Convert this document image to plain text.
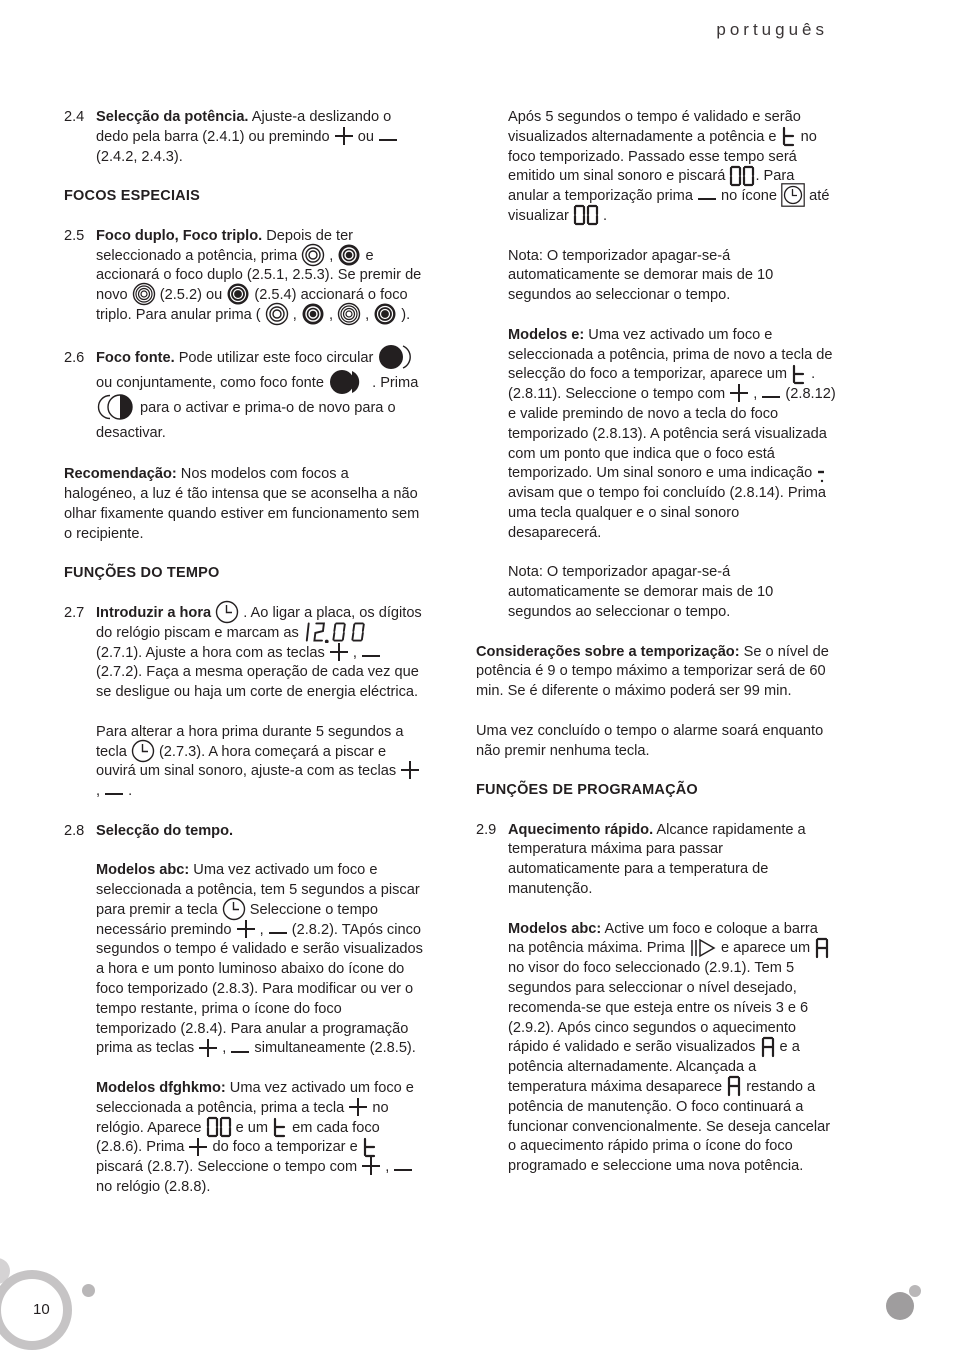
português

2.4 Selecção da potência. Ajuste-a deslizando o dedo pela barra (2.4.1) ou premindo
ou
(2.4.2, 2.4.3).

FOCOS ESPECIAIS

2.5 Foco duplo, Foco triplo. Depois de ter seleccionado a potência, prima
,
e accionará o foco duplo (2.5.1, 2.5.3). Se premir de novo
(2.5.2) ou
(2.5.4) accionará o foco triplo. Para anular prima (
,
,
,
).

2.6 Foco fonte. Pode utilizar este foco circular
ou conjuntamente, como foco fonte	. Prima
para o activar e prima-o de novo para o desactivar.

Recomendação: Nos modelos com focos a halogéneo, a luz é tão intensa que se aconselha a não olhar fixamente quando estiver em funcionamento sem o recipiente.

FUNÇÕES DO TEMPO

2.7 Introduzir a hora
. Ao ligar a placa, os dígitos do relógio piscam e marcam as
(2.7.1). Ajuste a hora com as teclas
,
(2.7.2). Faça a mesma operação de cada vez que se desligue ou haja um corte de energia eléctrica.

Para alterar a hora prima durante 5 segundos a tecla
(2.7.3). A hora começará a piscar e ouvirá um sinal sonoro, ajuste-a com as teclas
,
.

2.8 Selecção do tempo.

Modelos abc: Uma vez activado um foco e seleccionada a potência, tem 5 segundos a piscar para premir a tecla
Seleccione o tempo necessário premindo
,
(2.8.2). TApós cinco segundos o tempo é validado e serão visualizados a hora e um ponto luminoso abaixo do ícone do foco temporizado (2.8.3). Para modificar ou ver o tempo restante, prima o ícone do foco temporizado (2.8.4). Para anular a programação prima as teclas
,
simultaneamente (2.8.5).

Modelos dfghkmo: Uma vez activado um foco e seleccionada a potência, prima a tecla
no relógio. Aparece
e um
em cada foco (2.8.6). Prima
do foco a temporizar e
piscará (2.8.7). Seleccione o tempo com
,
no relógio (2.8.8).

Após 5 segundos o tempo é validado e serão visualizados alternadamente a potência e
no foco temporizado. Passado esse tempo será emitido um sinal sonoro e piscará
. Para anular a temporização prima
no ícone
até visualizar
.

Nota: O temporizador apagar-se-á automaticamente se demorar mais de 10 segundos ao seleccionar o tempo.

Modelos e: Uma vez activado um foco e seleccionada a potência, prima de novo a tecla de selecção do foco a temporizar, aparece um
. (2.8.11). Seleccione o tempo com
,
(2.8.12) e valide premindo de novo a tecla do foco temporizado (2.8.13). A potência será visualizada com um ponto que indica que o foco está temporizado. Um sinal sonoro e uma indicação
avisam que o tempo foi concluído (2.8.14). Prima uma tecla qualquer e o sinal sonoro desaparecerá.

Nota: O temporizador apagar-se-á automaticamente se demorar mais de 10 segundos ao seleccionar o tempo.

Considerações sobre a temporização: Se o nível de potência é 9 o tempo máximo a temporizar será de 60 min. Se é diferente o máximo poderá ser 99 min.

Uma vez concluído o tempo o alarme soará enquanto não premir nenhuma tecla.

FUNÇÕES DE PROGRAMAÇÃO

2.9 Aquecimento rápido. Alcance rapidamente a temperatura máxima para passar automaticamente para a temperatura de manutenção.

Modelos abc: Active um foco e coloque a barra na potência máxima. Prima
e aparece um
no visor do foco seleccionado (2.9.1). Tem 5 segundos para seleccionar o nível desejado, recomenda-se que esteja entre os níveis 3 e 6 (2.9.2). Após cinco segundos o aquecimento rápido é validado e serão visualizados
e a potência alternadamente. Alcançada a temperatura máxima desaparece
restando a potência de manutenção. O foco continuará a funcionar convencionalmente. Se deseja cancelar o aquecimento rápido prima o ícone do foco programado e seleccione uma nova potência.

10
